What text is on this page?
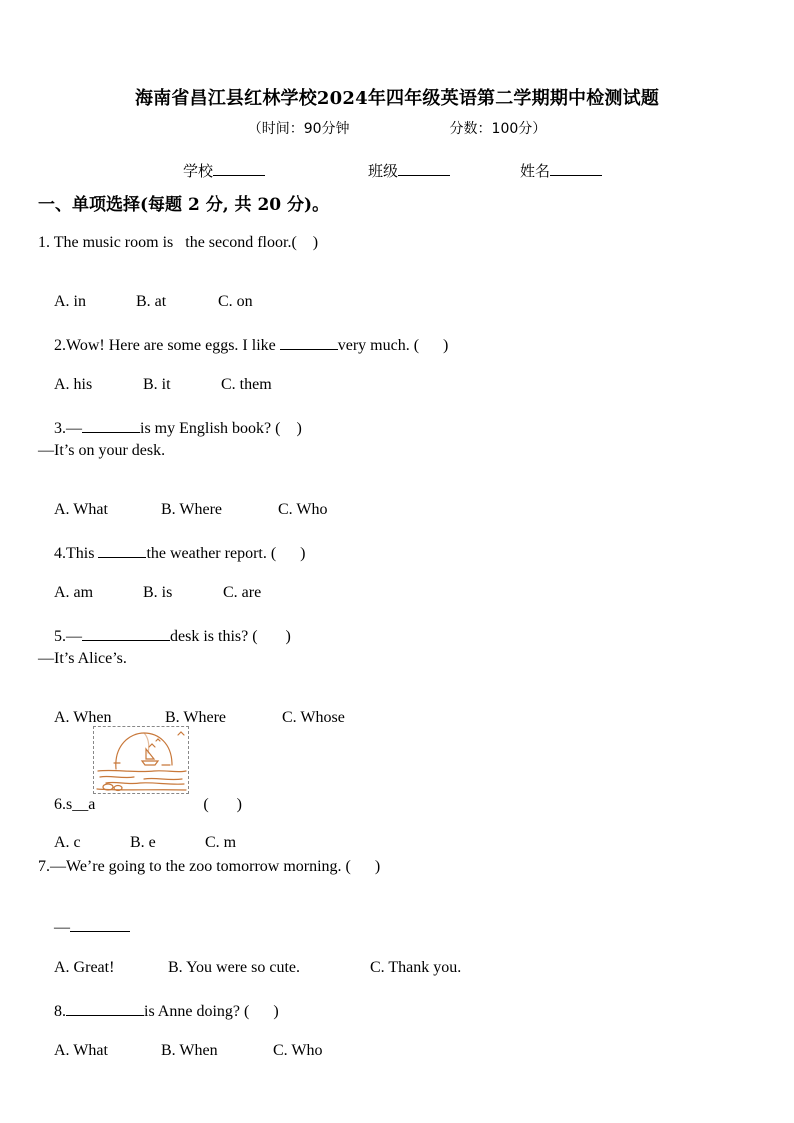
海南省昌江县红林学校2024年四年级英语第二学期期中检测试题
（时间：90分钟	分数：100分）
学校	班级	姓名
一、单项选择(每题 2 分, 共 20 分)。
1. The music room is   the second floor.(    )

A. in	B. at	C. on

2.Wow! Here are some eggs. I like	very much. (      )

A. his	B. it	C. them

3.—	is my English book? (    )

—It’s on your desk.

A. What	B. Where	C. Who

4.This	the weather report. (      )

A. am	B. is	C. are

5.—	desk is this? (       )

—It’s Alice’s.

A. When	B. Where	C. Whose

6.s__a	(       )

A. c	B. e	C. m

7.—We’re going to the zoo tomorrow morning. (      )

—

A. Great!	B. You were so cute.	C. Thank you.

8.	is Anne doing? (      )

A. What	B. When	C. Who
